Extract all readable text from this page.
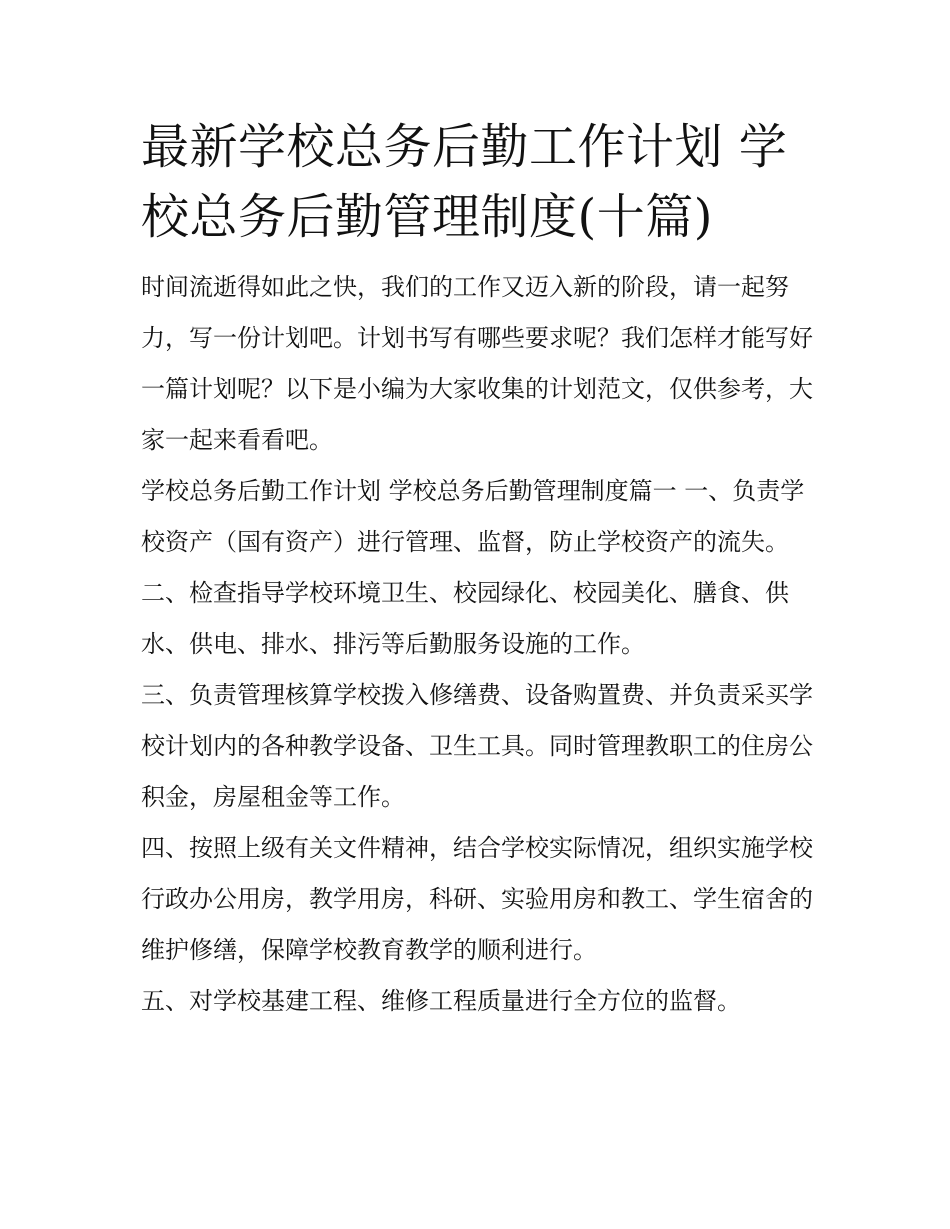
最新学校总务后勤工作计划 学
校总务后勤管理制度(十篇)

时间流逝得如此之快，我们的工作又迈入新的阶段，请一起努力，写一份计划吧。计划书写有哪些要求呢？我们怎样才能写好一篇计划呢？以下是小编为大家收集的计划范文，仅供参考，大家一起来看看吧。

学校总务后勤工作计划 学校总务后勤管理制度篇一 一、负责学校资产（国有资产）进行管理、监督，防止学校资产的流失。

二、检查指导学校环境卫生、校园绿化、校园美化、膳食、供水、供电、排水、排污等后勤服务设施的工作。

三、负责管理核算学校拨入修缮费、设备购置费、并负责采买学校计划内的各种教学设备、卫生工具。同时管理教职工的住房公积金，房屋租金等工作。

四、按照上级有关文件精神，结合学校实际情况，组织实施学校行政办公用房，教学用房，科研、实验用房和教工、学生宿舍的维护修缮，保障学校教育教学的顺利进行。

五、对学校基建工程、维修工程质量进行全方位的监督。
